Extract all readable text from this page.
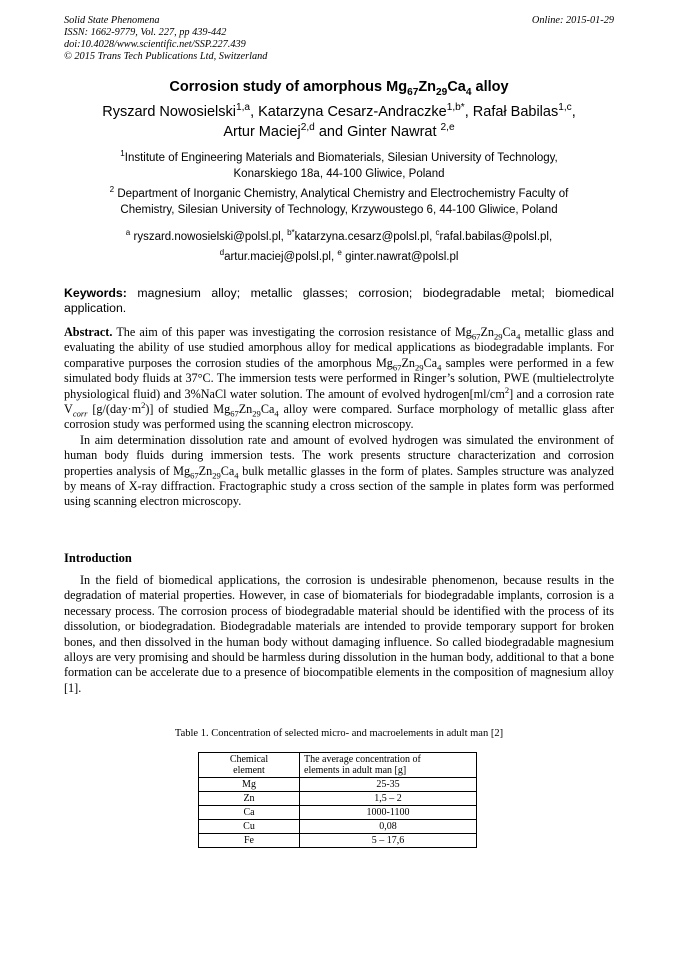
Solid State Phenomena
ISSN: 1662-9779, Vol. 227, pp 439-442
doi:10.4028/www.scientific.net/SSP.227.439
© 2015 Trans Tech Publications Ltd, Switzerland
Online: 2015-01-29
Corrosion study of amorphous $Mg_{67}Zn_{29}Ca_4$ alloy
Ryszard Nowosielski$^{1,a}$, Katarzyna Cesarz-Andraczke$^{1,b*}$, Rafał Babilas$^{1,c}$,
Artur Maciej$^{2,d}$ and Ginter Nawrat $^{2,e}$
$^1$Institute of Engineering Materials and Biomaterials, Silesian University of Technology,
Konarskiego 18a, 44-100 Gliwice, Poland
$^2$ Department of Inorganic Chemistry, Analytical Chemistry and Electrochemistry Faculty of
Chemistry, Silesian University of Technology, Krzywoustego 6, 44-100 Gliwice, Poland
$^a$ ryszard.nowosielski@polsl.pl, $^{b*}$katarzyna.cesarz@polsl.pl, $^c$rafal.babilas@polsl.pl,
$^d$artur.maciej@polsl.pl, $^e$ ginter.nawrat@polsl.pl
Keywords: magnesium alloy; metallic glasses; corrosion; biodegradable metal; biomedical application.
Abstract. The aim of this paper was investigating the corrosion resistance of $Mg_{67}Zn_{29}Ca_4$ metallic glass and evaluating the ability of use studied amorphous alloy for medical applications as biodegradable implants. For comparative purposes the corrosion studies of the amorphous $Mg_{67}Zn_{29}Ca_4$ samples were performed in a few simulated body fluids at 37°C. The immersion tests were performed in Ringer’s solution, PWE (multielectrolyte physiological fluid) and 3%NaCl water solution. The amount of evolved $hydrogen[ml/cm^2]$ and a corrosion rate $V_{corr}$ $[g/(day\cdot m^2)]$ of studied $Mg_{67}Zn_{29}Ca_4$ alloy were compared. Surface morphology of metallic glass after corrosion study was performed using the scanning electron microscopy.
In aim determination dissolution rate and amount of evolved hydrogen was simulated the environment of human body fluids during immersion tests. The work presents structure characterization and corrosion properties analysis of $Mg_{67}Zn_{29}Ca_4$ bulk metallic glasses in the form of plates. Samples structure was analyzed by means of X-ray diffraction. Fractographic study a cross section of the sample in plates form was performed using scanning electron microscopy.
Introduction
In the field of biomedical applications, the corrosion is undesirable phenomenon, because results in the degradation of material properties. However, in case of biomaterials for biodegradable implants, corrosion is a necessary process. The corrosion process of biodegradable material should be identified with the process of its dissolution, or biodegradation. Biodegradable materials are intended to provide temporary support for broken bones, and then dissolved in the human body without damaging influence. So called biodegradable magnesium alloys are very promising and should be harmless during dissolution in the human body, additional to that a bone formation can be accelerate due to a presence of biocompatible elements in the composition of magnesium alloy [1].
Table 1. Concentration of selected micro- and macroelements in adult man [2]
Chemical
element	The average concentration of
elements in adult man [g]
Mg	25-35
Zn	1,5 – 2
Ca	1000-1100
Cu	0,08
Fe	5 – 17,6
